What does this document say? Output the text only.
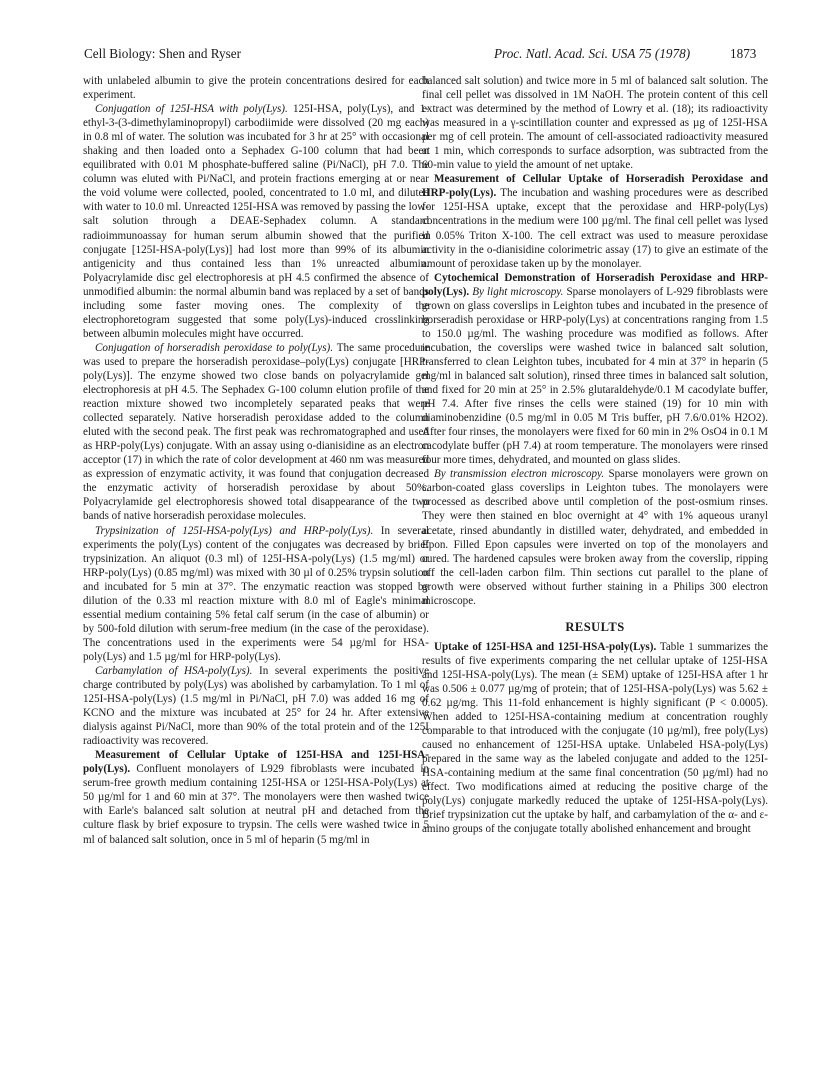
Cell Biology: Shen and Ryser	Proc. Natl. Acad. Sci. USA 75 (1978)	1873

with unlabeled albumin to give the protein concentrations desired for each experiment.

Conjugation of 125I-HSA with poly(Lys). 125I-HSA, poly(Lys), and 1-ethyl-3-(3-dimethylaminopropyl) carbodiimide were dissolved (20 mg each) in 0.8 ml of water. The solution was incubated for 3 hr at 25° with occasional shaking and then loaded onto a Sephadex G-100 column that had been equilibrated with 0.01 M phosphate-buffered saline (Pi/NaCl), pH 7.0. The column was eluted with Pi/NaCl, and protein fractions emerging at or near the void volume were collected, pooled, concentrated to 1.0 ml, and diluted with water to 10.0 ml. Unreacted 125I-HSA was removed by passing the low-salt solution through a DEAE-Sephadex column. A standard radioimmunoassay for human serum albumin showed that the purified conjugate [125I-HSA-poly(Lys)] had lost more than 99% of its albumin antigenicity and thus contained less than 1% unreacted albumin. Polyacrylamide disc gel electrophoresis at pH 4.5 confirmed the absence of unmodified albumin: the normal albumin band was replaced by a set of bands including some faster moving ones. The complexity of the electrophoretogram suggested that some poly(Lys)-induced crosslinking between albumin molecules might have occurred.

Conjugation of horseradish peroxidase to poly(Lys). The same procedure was used to prepare the horseradish peroxidase–poly(Lys) conjugate [HRP-poly(Lys)]. The enzyme showed two close bands on polyacrylamide gel electrophoresis at pH 4.5. The Sephadex G-100 column elution profile of the reaction mixture showed two incompletely separated peaks that were collected separately. Native horseradish peroxidase added to the column eluted with the second peak. The first peak was rechromatographed and used as HRP-poly(Lys) conjugate. With an assay using o-dianisidine as an electron acceptor (17) in which the rate of color development at 460 nm was measured as expression of enzymatic activity, it was found that conjugation decreased the enzymatic activity of horseradish peroxidase by about 50%. Polyacrylamide gel electrophoresis showed total disappearance of the two bands of native horseradish peroxidase molecules.

Trypsinization of 125I-HSA-poly(Lys) and HRP-poly(Lys). In several experiments the poly(Lys) content of the conjugates was decreased by brief trypsinization. An aliquot (0.3 ml) of 125I-HSA-poly(Lys) (1.5 mg/ml) or HRP-poly(Lys) (0.85 mg/ml) was mixed with 30 µl of 0.25% trypsin solution and incubated for 5 min at 37°. The enzymatic reaction was stopped by dilution of the 0.33 ml reaction mixture with 8.0 ml of Eagle's minimal essential medium containing 5% fetal calf serum (in the case of albumin) or by 500-fold dilution with serum-free medium (in the case of the peroxidase). The concentrations used in the experiments were 54 µg/ml for HSA-poly(Lys) and 1.5 µg/ml for HRP-poly(Lys).

Carbamylation of HSA-poly(Lys). In several experiments the positive charge contributed by poly(Lys) was abolished by carbamylation. To 1 ml of 125I-HSA-poly(Lys) (1.5 mg/ml in Pi/NaCl, pH 7.0) was added 16 mg of KCNO and the mixture was incubated at 25° for 24 hr. After extensive dialysis against Pi/NaCl, more than 90% of the total protein and of the 125I radioactivity was recovered.

Measurement of Cellular Uptake of 125I-HSA and 125I-HSA-poly(Lys). Confluent monolayers of L929 fibroblasts were incubated in serum-free growth medium containing 125I-HSA or 125I-HSA-Poly(Lys) at 50 µg/ml for 1 and 60 min at 37°. The monolayers were then washed twice with Earle's balanced salt solution at neutral pH and detached from the culture flask by brief exposure to trypsin. The cells were washed twice in 5 ml of balanced salt solution, once in 5 ml of heparin (5 mg/ml in

balanced salt solution) and twice more in 5 ml of balanced salt solution. The final cell pellet was dissolved in 1M NaOH. The protein content of this cell extract was determined by the method of Lowry et al. (18); its radioactivity was measured in a γ-scintillation counter and expressed as µg of 125I-HSA per mg of cell protein. The amount of cell-associated radioactivity measured at 1 min, which corresponds to surface adsorption, was subtracted from the 60-min value to yield the amount of net uptake.

Measurement of Cellular Uptake of Horseradish Peroxidase and HRP-poly(Lys). The incubation and washing procedures were as described for 125I-HSA uptake, except that the peroxidase and HRP-poly(Lys) concentrations in the medium were 100 µg/ml. The final cell pellet was lysed in 0.05% Triton X-100. The cell extract was used to measure peroxidase activity in the o-dianisidine colorimetric assay (17) to give an estimate of the amount of peroxidase taken up by the monolayer.

Cytochemical Demonstration of Horseradish Peroxidase and HRP-poly(Lys). By light microscopy. Sparse monolayers of L-929 fibroblasts were grown on glass coverslips in Leighton tubes and incubated in the presence of horseradish peroxidase or HRP-poly(Lys) at concentrations ranging from 1.5 to 150.0 µg/ml. The washing procedure was modified as follows. After incubation, the coverslips were washed twice in balanced salt solution, transferred to clean Leighton tubes, incubated for 4 min at 37° in heparin (5 mg/ml in balanced salt solution), rinsed three times in balanced salt solution, and fixed for 20 min at 25° in 2.5% glutaraldehyde/0.1 M cacodylate buffer, pH 7.4. After five rinses the cells were stained (19) for 10 min with diaminobenzidine (0.5 mg/ml in 0.05 M Tris buffer, pH 7.6/0.01% H2O2). After four rinses, the monolayers were fixed for 60 min in 2% OsO4 in 0.1 M cacodylate buffer (pH 7.4) at room temperature. The monolayers were rinsed four more times, dehydrated, and mounted on glass slides.

By transmission electron microscopy. Sparse monolayers were grown on carbon-coated glass coverslips in Leighton tubes. The monolayers were processed as described above until completion of the post-osmium rinses. They were then stained en bloc overnight at 4° with 1% aqueous uranyl acetate, rinsed abundantly in distilled water, dehydrated, and embedded in Epon. Filled Epon capsules were inverted on top of the monolayers and cured. The hardened capsules were broken away from the coverslip, ripping off the cell-laden carbon film. Thin sections cut parallel to the plane of growth were observed without further staining in a Philips 300 electron microscope.

RESULTS

Uptake of 125I-HSA and 125I-HSA-poly(Lys). Table 1 summarizes the results of five experiments comparing the net cellular uptake of 125I-HSA and 125I-HSA-poly(Lys). The mean (± SEM) uptake of 125I-HSA after 1 hr was 0.506 ± 0.077 µg/mg of protein; that of 125I-HSA-poly(Lys) was 5.62 ± 0.62 µg/mg. This 11-fold enhancement is highly significant (P < 0.0005). When added to 125I-HSA-containing medium at concentration roughly comparable to that introduced with the conjugate (10 µg/ml), free poly(Lys) caused no enhancement of 125I-HSA uptake. Unlabeled HSA-poly(Lys) prepared in the same way as the labeled conjugate and added to the 125I-HSA-containing medium at the same final concentration (50 µg/ml) had no effect. Two modifications aimed at reducing the positive charge of the poly(Lys) conjugate markedly reduced the uptake of 125I-HSA-poly(Lys). Brief trypsinization cut the uptake by half, and carbamylation of the α- and ε-amino groups of the conjugate totally abolished enhancement and brought
